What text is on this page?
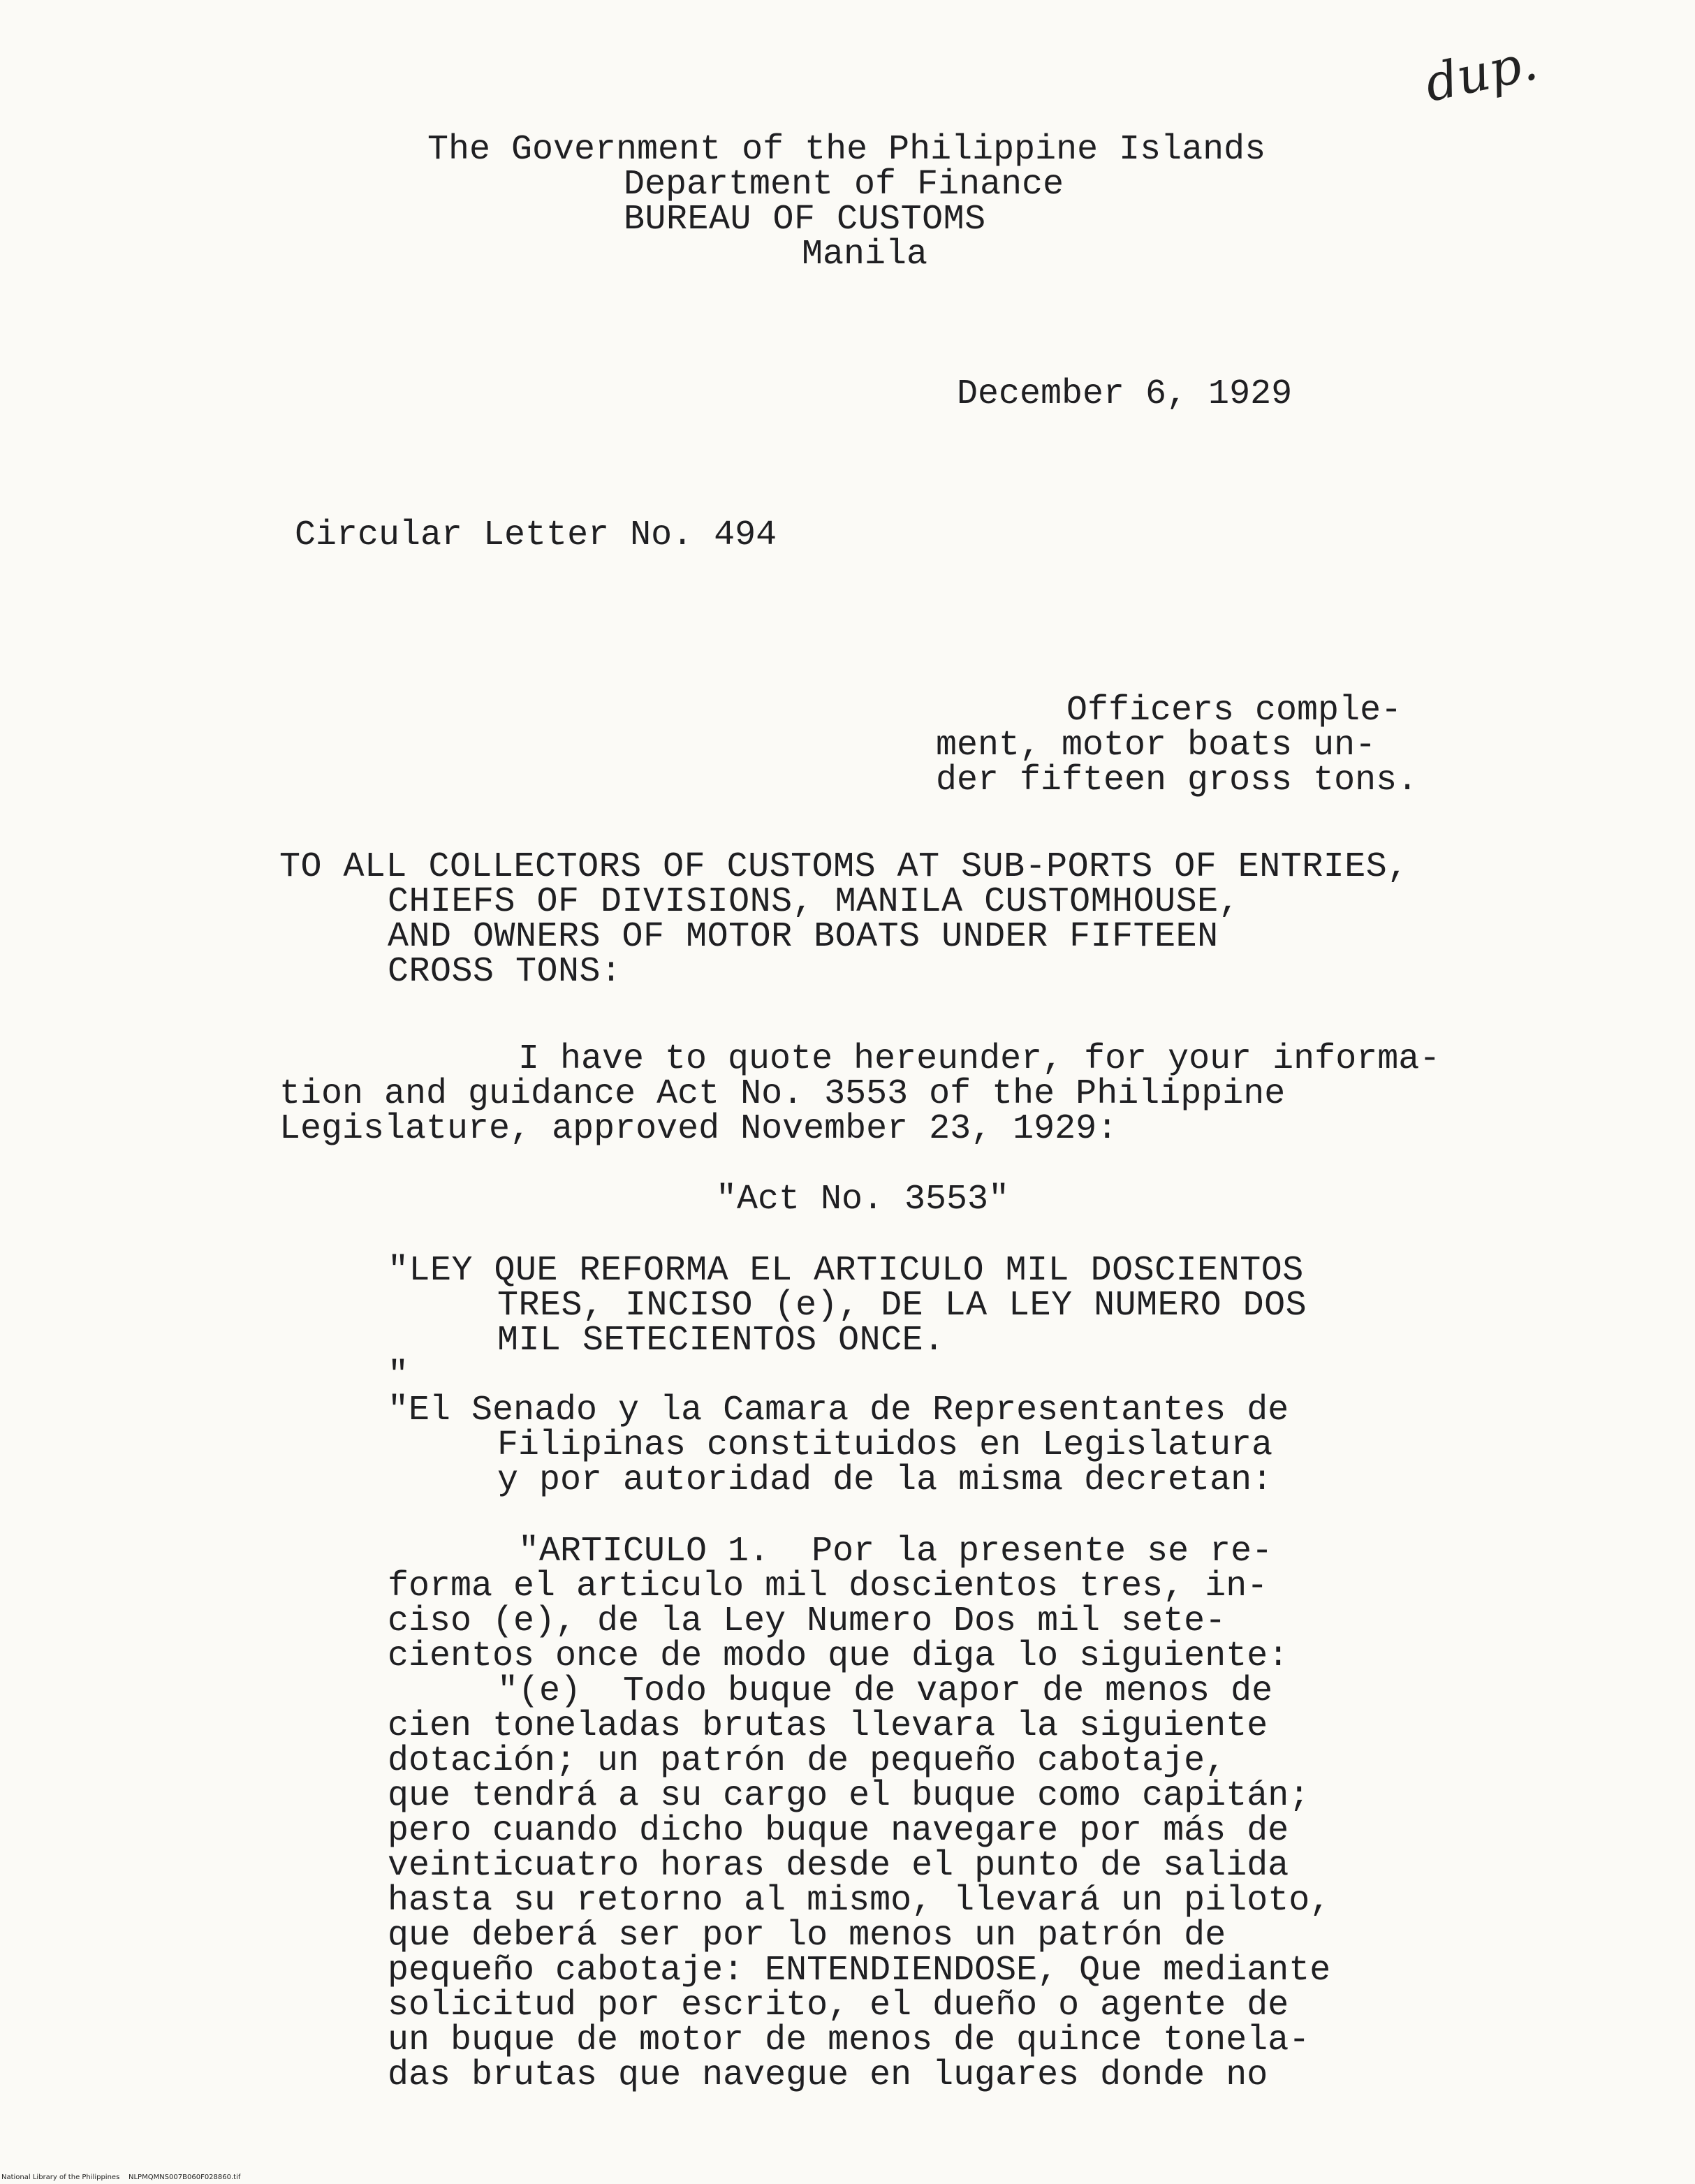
dup.
The Government of the Philippine Islands
Department of Finance
BUREAU OF CUSTOMS
Manila
December 6, 1929
Circular Letter No. 494
Officers comple-
ment, motor boats un-
der fifteen gross tons.
TO ALL COLLECTORS OF CUSTOMS AT SUB-PORTS OF ENTRIES,
CHIEFS OF DIVISIONS, MANILA CUSTOMHOUSE,
AND OWNERS OF MOTOR BOATS UNDER FIFTEEN
CROSS TONS:
I have to quote hereunder, for your informa-
tion and guidance Act No. 3553 of the Philippine
Legislature, approved November 23, 1929:
"Act No. 3553"
"LEY QUE REFORMA EL ARTICULO MIL DOSCIENTOS
TRES, INCISO (e), DE LA LEY NUMERO DOS
MIL SETECIENTOS ONCE.
"
"El Senado y la Camara de Representantes de
Filipinas constituidos en Legislatura
y por autoridad de la misma decretan:
"ARTICULO 1.  Por la presente se re-
forma el articulo mil doscientos tres, in-
ciso (e), de la Ley Numero Dos mil sete-
cientos once de modo que diga lo siguiente:
"(e)  Todo buque de vapor de menos de
cien toneladas brutas llevara la siguiente
dotación; un patrón de pequeño cabotaje,
que tendrá a su cargo el buque como capitán;
pero cuando dicho buque navegare por más de
veinticuatro horas desde el punto de salida
hasta su retorno al mismo, llevará un piloto,
que deberá ser por lo menos un patrón de
pequeño cabotaje: ENTENDIENDOSE, Que mediante
solicitud por escrito, el dueño o agente de
un buque de motor de menos de quince tonela-
das brutas que navegue en lugares donde no
National Library of the Philippines    NLPMQMNS007B060F028860.tif
